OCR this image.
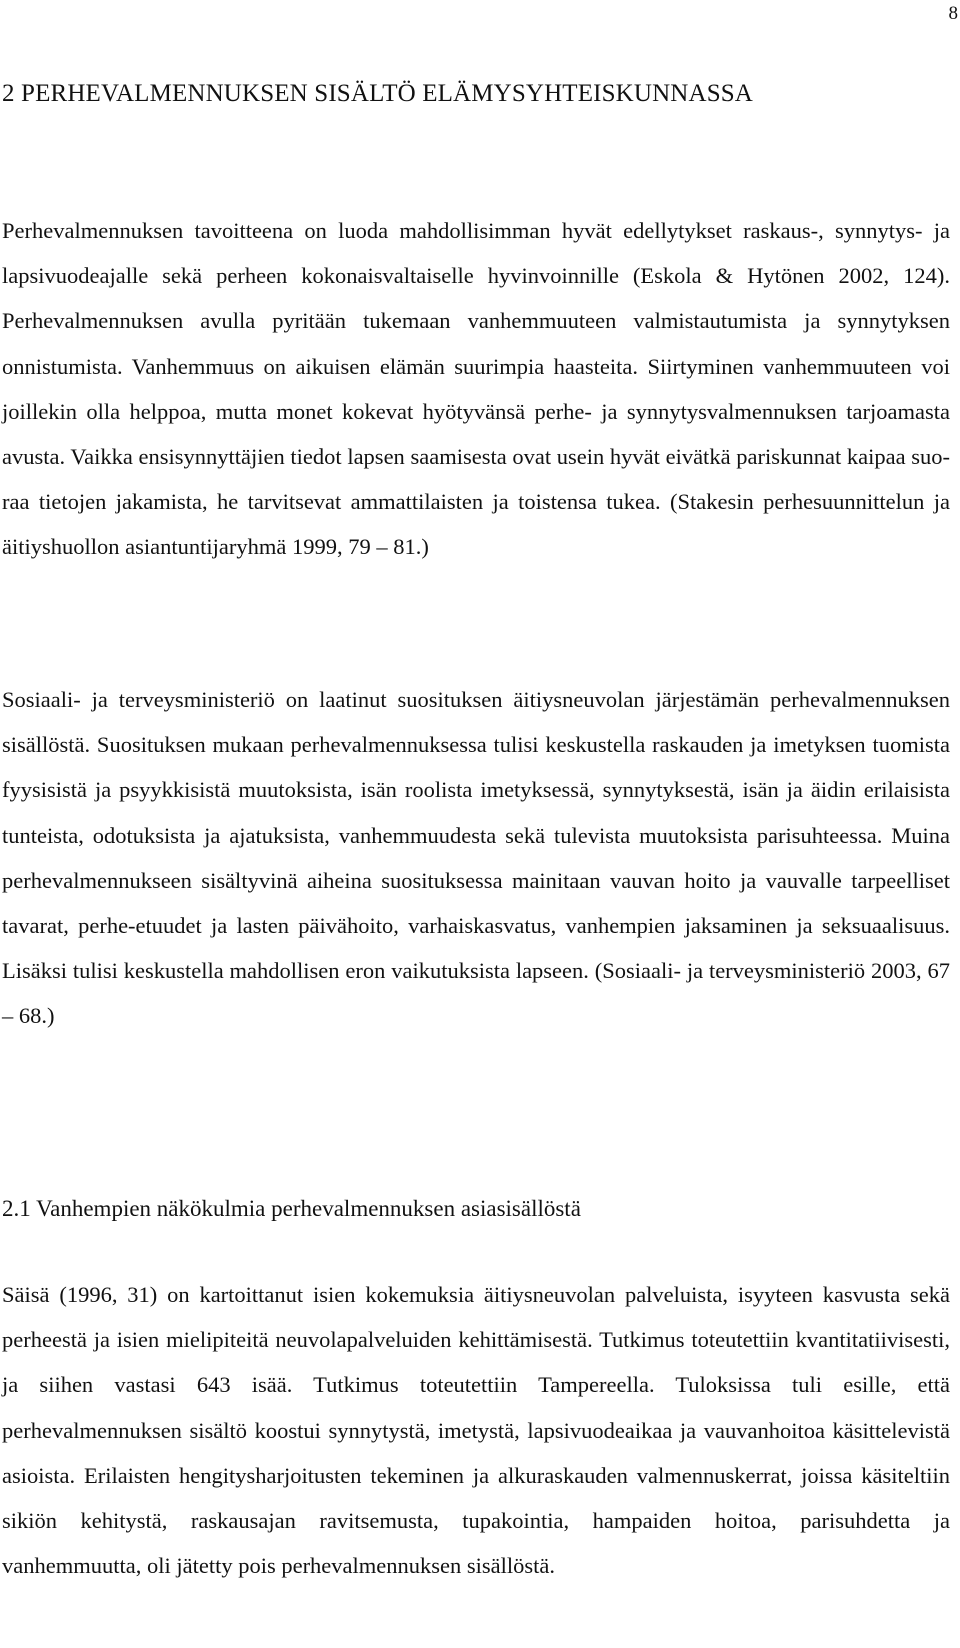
8
2 PERHEVALMENNUKSEN SISÄLTÖ ELÄMYSYHTEISKUNNASSA

Perhevalmennuksen tavoitteena on luoda mahdollisimman hyvät edellytykset raskaus-, synnytys- ja lapsivuodeajalle sekä perheen kokonaisvaltaiselle hyvinvoinnille (Eskola & Hytönen 2002, 124). Perhevalmennuksen avulla pyritään tukemaan vanhemmuuteen valmistautumista ja synnytyksen onnistumista. Vanhemmuus on aikuisen elämän suurimpia haasteita. Siirtyminen vanhemmuuteen voi joillekin olla helppoa, mutta monet kokevat hyötyvänsä perhe- ja synnytysvalmennuksen tarjoamasta avusta. Vaikka ensisynnyttäjien tiedot lapsen saamisesta ovat usein hyvät eivätkä pariskunnat kaipaa suoraa tietojen jakamista, he tarvitsevat ammattilaisten ja toistensa tukea. (Stakesin perhesuunnittelun ja äitiyshuollon asiantuntijaryhmä 1999, 79 – 81.)

Sosiaali- ja terveysministeriö on laatinut suosituksen äitiysneuvolan järjestämän perhevalmennuksen sisällöstä. Suosituksen mukaan perhevalmennuksessa tulisi keskustella raskauden ja imetyksen tuomista fyysisistä ja psyykkisistä muutoksista, isän roolista imetyksessä, synnytyksestä, isän ja äidin erilaisista tunteista, odotuksista ja ajatuksista, vanhemmuudesta sekä tulevista muutoksista parisuhteessa. Muina perhevalmennukseen sisältyvinä aiheina suosituksessa mainitaan vauvan hoito ja vauvalle tarpeelliset tavarat, perhe-etuudet ja lasten päivähoito, varhaiskasvatus, vanhempien jaksaminen ja seksuaalisuus. Lisäksi tulisi keskustella mahdollisen eron vaikutuksista lapseen. (Sosiaali- ja terveysministeriö 2003, 67 – 68.)

2.1 Vanhempien näkökulmia perhevalmennuksen asiasisällöstä

Säisä (1996, 31) on kartoittanut isien kokemuksia äitiysneuvolan palveluista, isyyteen kasvusta sekä perheestä ja isien mielipiteitä neuvolapalveluiden kehittämisestä. Tutkimus toteutettiin kvantitatiivisesti, ja siihen vastasi 643 isää. Tutkimus toteutettiin Tampereella. Tuloksissa tuli esille, että perhevalmennuksen sisältö koostui synnytystä, imetystä, lapsivuodeaikaa ja vauvanhoitoa käsittelevistä asioista. Erilaisten hengitysharjoitusten tekeminen ja alkuraskauden valmennuskerrat, joissa käsiteltiin sikiön kehitystä, raskausajan ravitsemusta, tupakointia, hampaiden hoitoa, parisuhdetta ja vanhemmuutta, oli jätetty pois perhevalmennuksen sisällöstä.
